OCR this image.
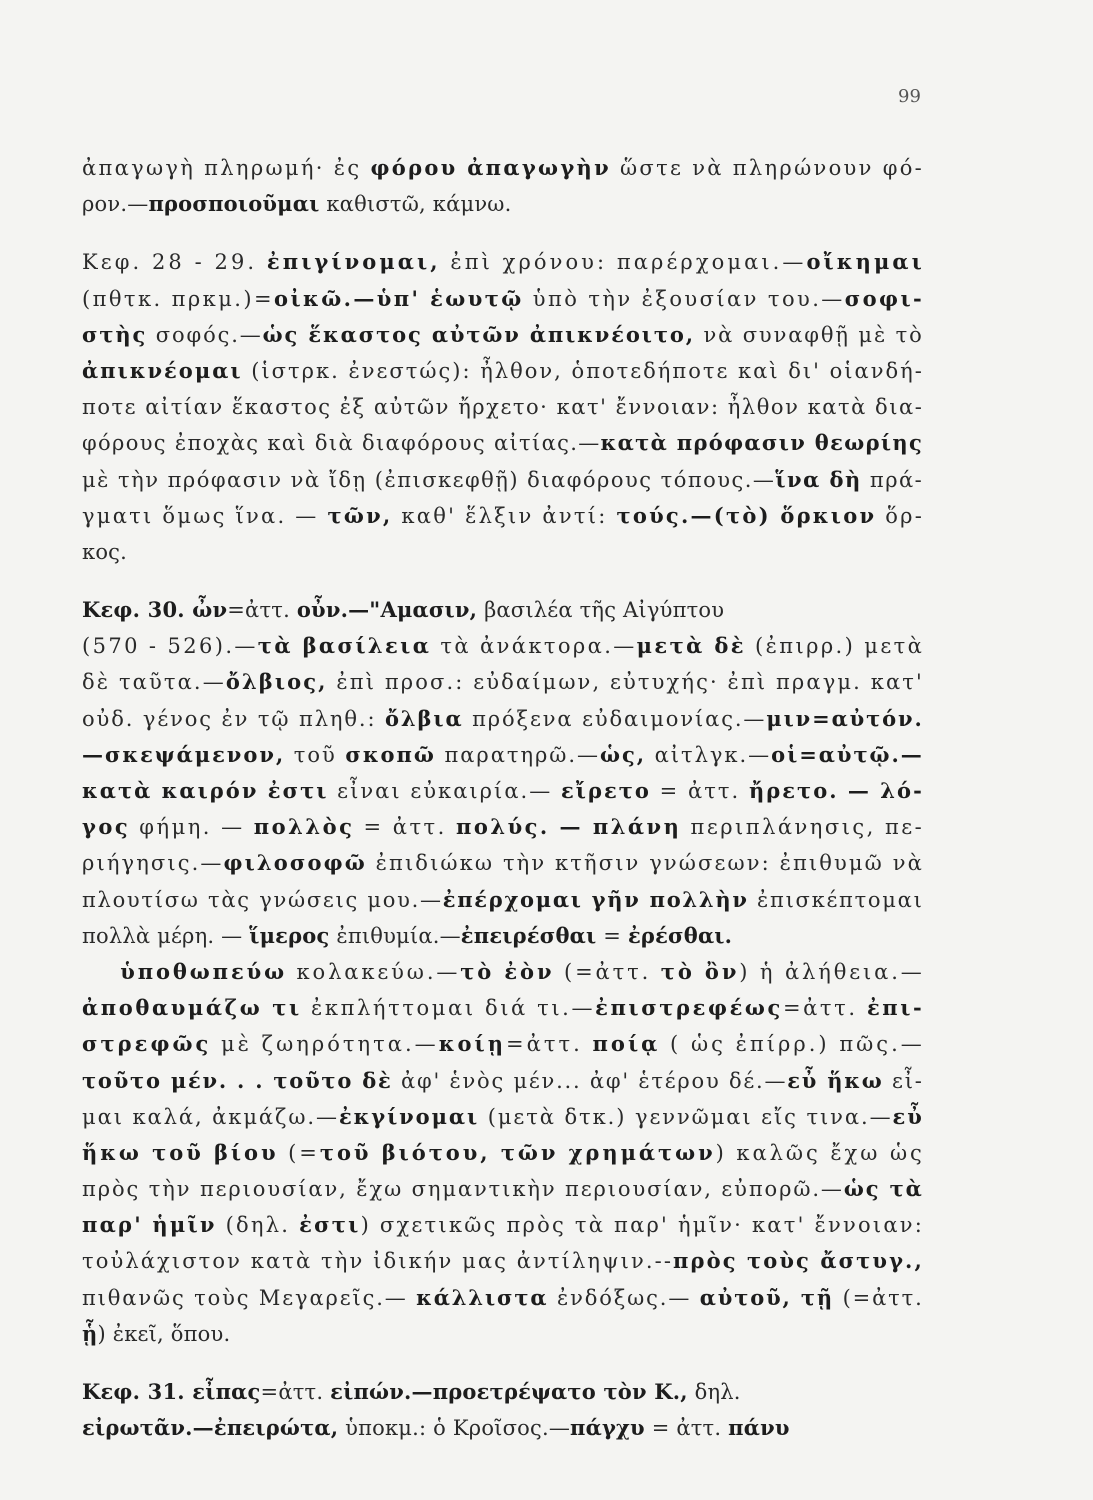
99
ἀπαγωγὴ πληρωμή· ἐς φόρου ἀπαγωγὴν ὥστε νὰ πληρώνουν φό-
ρον.—προσποιοῦμαι καθιστῶ, κάμνω.
Κεφ. 28 - 29. ἐπιγίνομαι, ἐπὶ χρόνου: παρέρχομαι.—οἴκημαι
(πθτκ. πρκμ.)=οἰκῶ.—ὑπ' ἑωυτῷ ὑπὸ τὴν ἐξουσίαν του.—σοφι-
στὴς σοφός.—ὡς ἕκαστος αὐτῶν ἀπικνέοιτο, νὰ συναφθῇ μὲ τὸ
ἀπικνέομαι (ἱστρκ. ἐνεστώς): ἦλθον, ὁποτεδήποτε καὶ δι' οἱανδή-
ποτε αἰτίαν ἕκαστος ἐξ αὐτῶν ἤρχετο· κατ' ἔννοιαν: ἦλθον κατὰ δια-
φόρους ἐποχὰς καὶ διὰ διαφόρους αἰτίας.—κατὰ πρόφασιν θεωρίης
μὲ τὴν πρόφασιν νὰ ἴδῃ (ἐπισκεφθῇ) διαφόρους τόπους.—ἵνα δὴ πρά-
γματι ὅμως ἵνα. — τῶν, καθ' ἕλξιν ἀντί: τούς.—(τὸ) ὅρκιον ὅρ-
κος.
Κεφ. 30. ὦν=ἀττ. οὖν.—"Αμασιν, βασιλέα τῆς Αἰγύπτου
(570 - 526).—τὰ βασίλεια τὰ ἀνάκτορα.—μετὰ δὲ (ἐπιρρ.) μετὰ
δὲ ταῦτα.—ὄλβιος, ἐπὶ προσ.: εὐδαίμων, εὐτυχής· ἐπὶ πραγμ. κατ'
οὐδ. γένος ἐν τῷ πληθ.: ὄλβια πρόξενα εὐδαιμονίας.—μιν=αὐτόν.
—σκεψάμενον, τοῦ σκοπῶ παρατηρῶ.—ὡς, αἰτλγκ.—οἱ=αὐτῷ.—
κατὰ καιρόν ἐστι εἶναι εὐκαιρία.— εἴρετο = ἀττ. ἤρετο. — λό-
γος φήμη. — πολλὸς = ἀττ. πολύς. — πλάνη περιπλάνησις, πε-
ριήγησις.—φιλοσοφῶ ἐπιδιώκω τὴν κτῆσιν γνώσεων: ἐπιθυμῶ νὰ
πλουτίσω τὰς γνώσεις μου.—ἐπέρχομαι γῆν πολλὴν ἐπισκέπτομαι
πολλὰ μέρη. — ἵμερος ἐπιθυμία.—ἐπειρέσθαι = ἐρέσθαι.
ὑποθωπεύω κολακεύω.—τὸ ἐὸν (=ἀττ. τὸ ὂν) ἡ ἀλήθεια.—
ἀποθαυμάζω τι ἐκπλήττομαι διά τι.—ἐπιστρεφέως=ἀττ. ἐπι-
στρεφῶς μὲ ζωηρότητα.—κοίῃ=ἀττ. ποίᾳ ( ὡς ἐπίρρ.) πῶς.—
τοῦτο μέν. . . τοῦτο δὲ ἀφ' ἑνὸς μέν... ἀφ' ἑτέρου δέ.—εὖ ἥκω εἶ-
μαι καλά, ἀκμάζω.—ἐκγίνομαι (μετὰ δτκ.) γεννῶμαι εἴς τινα.—εὖ
ἥκω τοῦ βίου (=τοῦ βιότου, τῶν χρημάτων) καλῶς ἔχω ὡς
πρὸς τὴν περιουσίαν, ἔχω σημαντικὴν περιουσίαν, εὐπορῶ.—ὡς τὰ
παρ' ἡμῖν (δηλ. ἐστι) σχετικῶς πρὸς τὰ παρ' ἡμῖν· κατ' ἔννοιαν:
τοὐλάχιστον κατὰ τὴν ἰδικήν μας ἀντίληψιν.--πρὸς τοὺς ἄστυγ.,
πιθανῶς τοὺς Μεγαρεῖς.— κάλλιστα ἐνδόξως.— αὐτοῦ, τῇ (=ἀττ.
ᾗ) ἐκεῖ, ὅπου.
Κεφ. 31. εἶπας=ἀττ. εἰπών.—προετρέψατο τὸν Κ., δηλ.
εἰρωτᾶν.—ἐπειρώτα, ὑποκμ.: ὁ Κροῖσος.—πάγχυ = ἀττ. πάνυ
